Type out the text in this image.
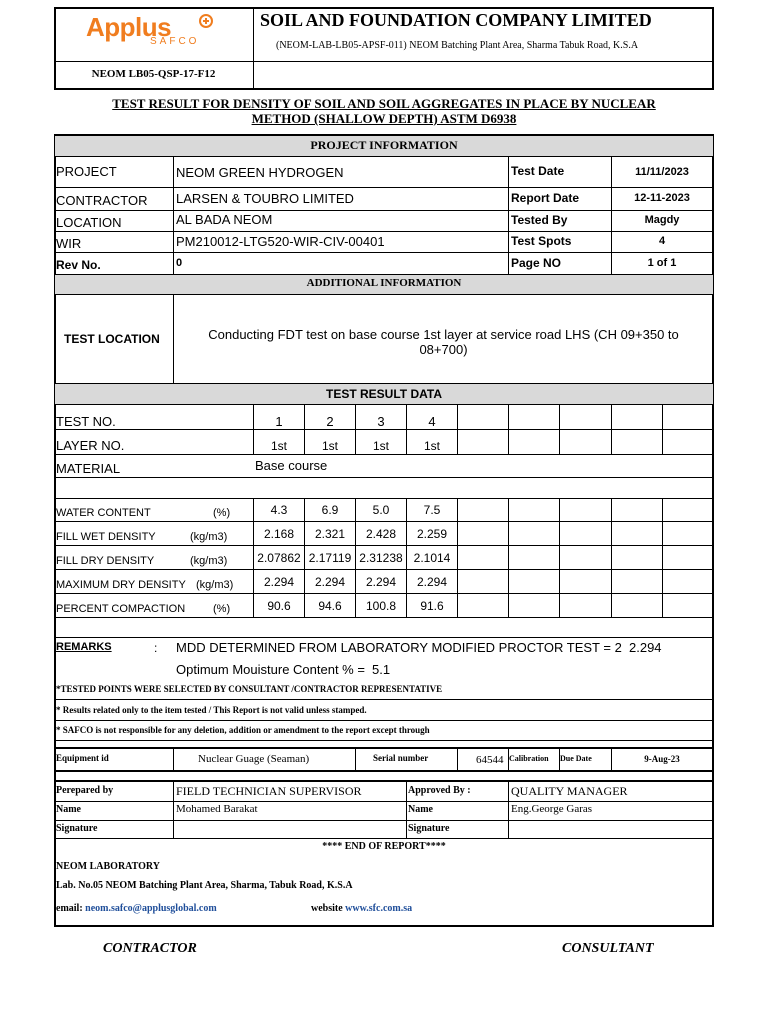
Applus
SAFCO
SOIL AND FOUNDATION COMPANY LIMITED
(NEOM-LAB-LB05-APSF-011) NEOM Batching Plant Area, Sharma Tabuk Road, K.S.A
NEOM LB05-QSP-17-F12
TEST RESULT FOR DENSITY OF SOIL AND SOIL AGGREGATES IN PLACE BY NUCLEAR
METHOD (SHALLOW DEPTH) ASTM D6938
PROJECT INFORMATION
PROJECT	NEOM GREEN HYDROGEN	Test Date	11/11/2023
CONTRACTOR LARSEN & TOUBRO LIMITED	Report Date	12-11-2023
LOCATION	AL BADA NEOM	Tested By	Magdy
WIR	PM210012-LTG520-WIR-CIV-00401	Test Spots	4
Rev No.	0	Page NO	1 of 1
ADDITIONAL INFORMATION
TEST LOCATION	Conducting FDT test on base course 1st layer at service road LHS (CH 09+350 to
08+700)
TEST RESULT DATA
TEST NO.	1	2	3	4
LAYER NO.	1st	1st	1st	1st
MATERIAL	Base course
WATER CONTENT	(%)	4.3	6.9	5.0	7.5
FILL WET DENSITY	(kg/m3)	2.168	2.321	2.428	2.259
FILL DRY DENSITY	(kg/m3)	2.07862 2.17119 2.31238 2.1014
MAXIMUM DRY DENSITY (kg/m3)	2.294	2.294	2.294	2.294
PERCENT COMPACTION	(%)	90.6	94.6	100.8	91.6
REMARKS	: MDD DETERMINED FROM LABORATORY MODIFIED PROCTOR TEST = 2 2.294
Optimum Mouisture Content % = 5.1
*TESTED POINTS WERE SELECTED BY CONSULTANT /CONTRACTOR REPRESENTATIVE
* Results related only to the item tested / This Report is not valid unless stamped.
* SAFCO is not responsible for any deletion, addition or amendment to the report except through
Equipment id	Nuclear Guage (Seaman)	Serial number	64544 Calibration Due Date	9-Aug-23
Perepared by	FIELD TECHNICIAN SUPERVISOR	Approved By :	QUALITY MANAGER
Name	Mohamed Barakat	Name	Eng.George Garas
Signature	Signature
**** END OF REPORT****
NEOM LABORATORY
Lab. No.05 NEOM Batching Plant Area, Sharma, Tabuk Road, K.S.A
email: neom.safco@applusglobal.com	website www.sfc.com.sa
CONTRACTOR	CONSULTANT
